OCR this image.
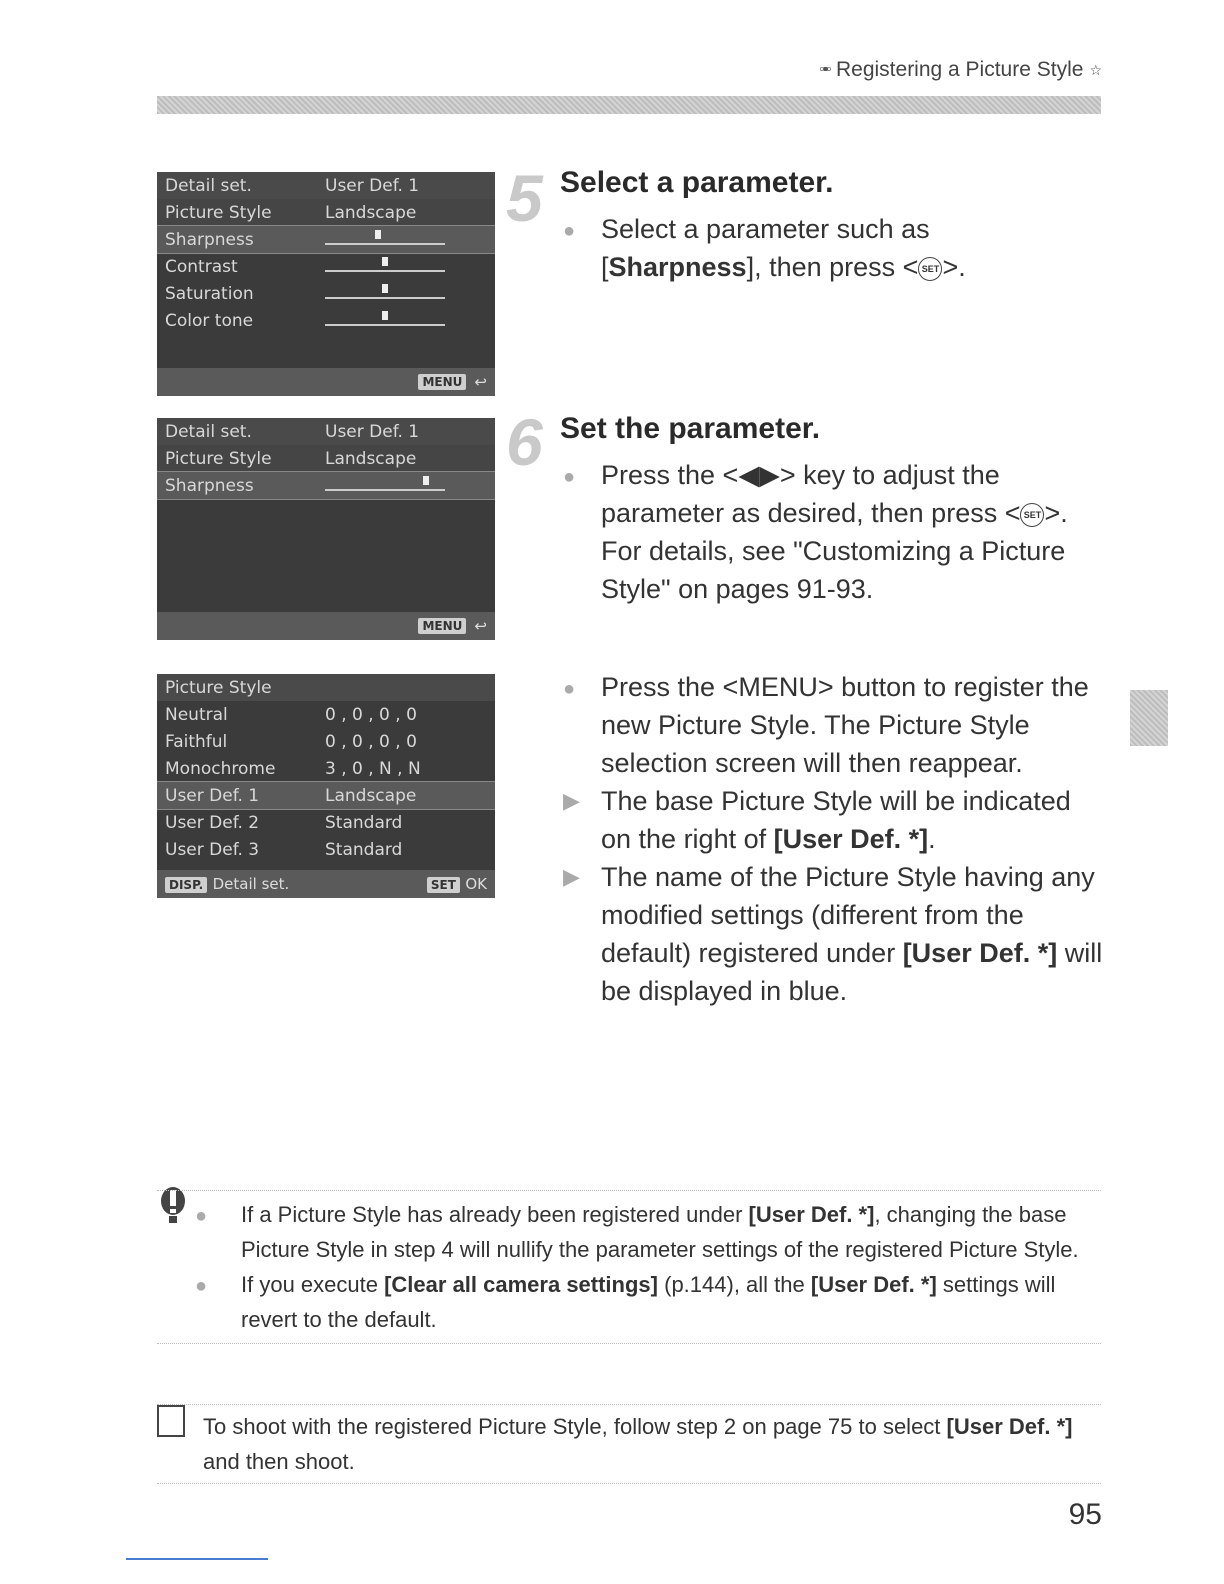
◦▪◦ Registering a Picture Style ☆
Detail set.	User Def. 1
Picture Style	Landscape
Sharpness
Contrast
Saturation
Color tone
MENU ↩
Detail set.	User Def. 1
Picture Style	Landscape
Sharpness
MENU ↩
Picture Style
Neutral	0 , 0 , 0 , 0
Faithful	0 , 0 , 0 , 0
Monochrome	3 , 0 , N , N
User Def. 1	Landscape
User Def. 2	Standard
User Def. 3	Standard
DISP. Detail set.	SET OK
5 Select a parameter.
● Select a parameter such as
[Sharpness], then press < SET >.
6 Set the parameter.
● Press the <◀▶> key to adjust the parameter as desired, then press < SET >.
For details, see "Customizing a Picture Style" on pages 91-93.
● Press the <MENU> button to register the new Picture Style. The Picture Style selection screen will then reappear.
▶ The base Picture Style will be indicated on the right of [User Def. *].
▶ The name of the Picture Style having any modified settings (different from the default) registered under [User Def. *] will be displayed in blue.
●	If a Picture Style has already been registered under [User Def. *], changing the base Picture Style in step 4 will nullify the parameter settings of the registered Picture Style.
●	If you execute [Clear all camera settings] (p.144), all the [User Def. *] settings will revert to the default.
To shoot with the registered Picture Style, follow step 2 on page 75 to select [User Def. *] and then shoot.
95
